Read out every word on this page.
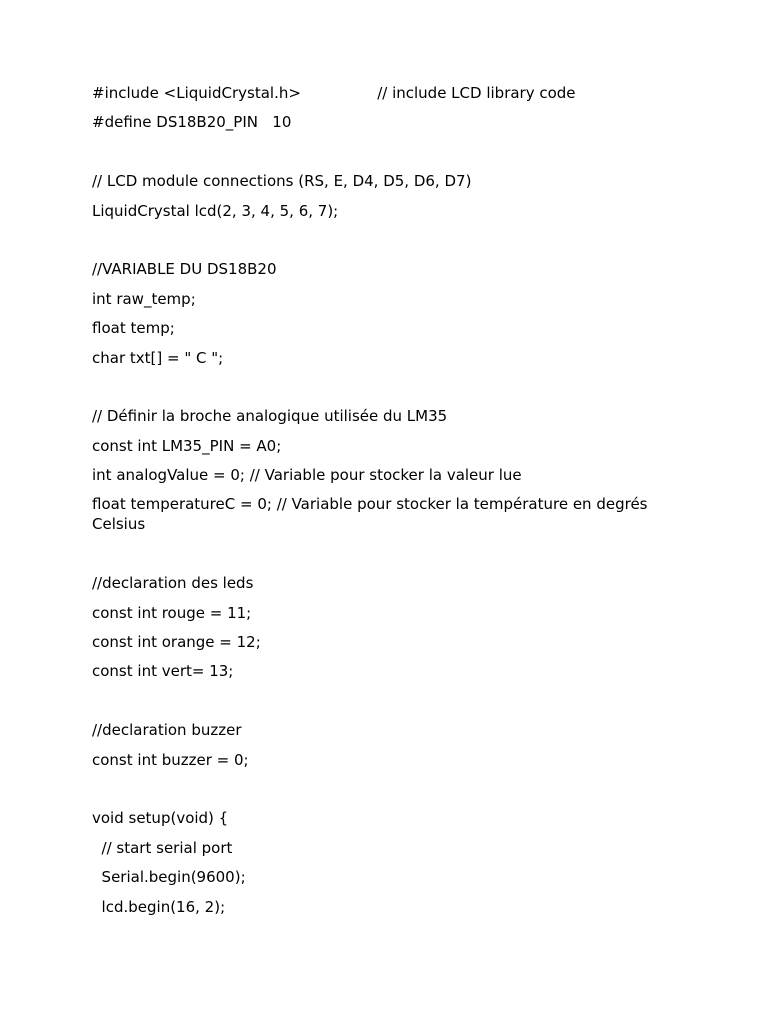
#include <LiquidCrystal.h>                // include LCD library code
#define DS18B20_PIN   10
// LCD module connections (RS, E, D4, D5, D6, D7)
LiquidCrystal lcd(2, 3, 4, 5, 6, 7);
//VARIABLE DU DS18B20
int raw_temp;
float temp;
char txt[] = " C ";
// Définir la broche analogique utilisée du LM35
const int LM35_PIN = A0;
int analogValue = 0; // Variable pour stocker la valeur lue
float temperatureC = 0; // Variable pour stocker la température en degrés Celsius
//declaration des leds
const int rouge = 11;
const int orange = 12;
const int vert= 13;
//declaration buzzer
const int buzzer = 0;
void setup(void) {
// start serial port
Serial.begin(9600);
lcd.begin(16, 2);
